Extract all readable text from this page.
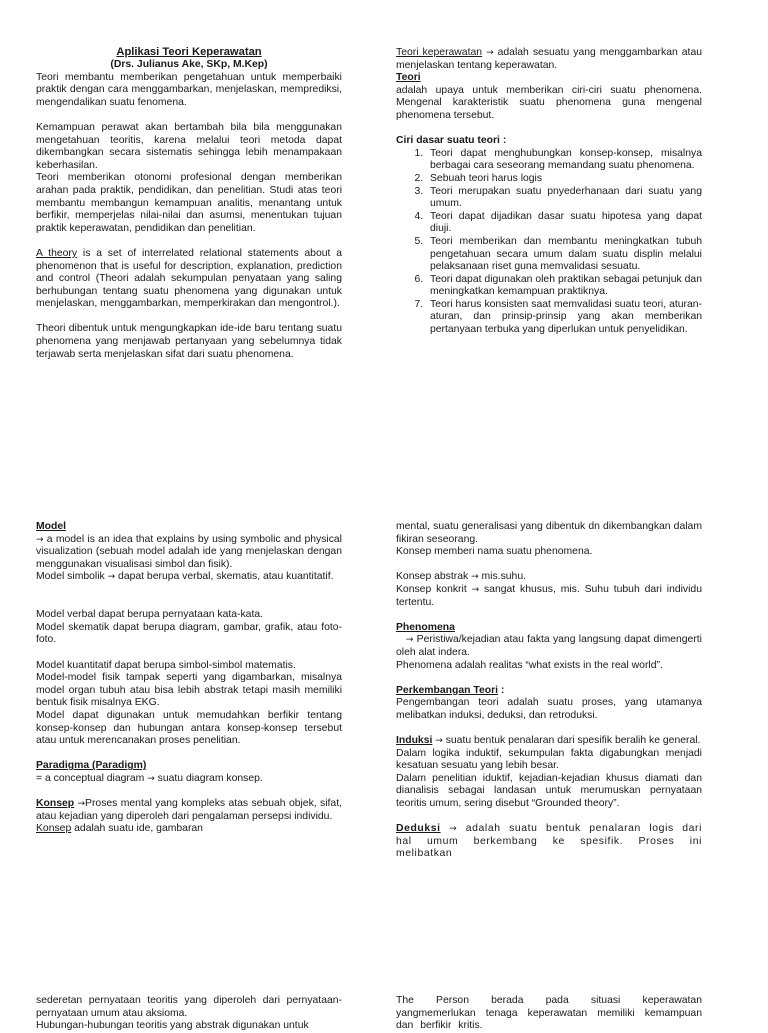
Aplikasi Teori Keperawatan

(Drs. Julianus Ake, SKp, M.Kep)

Teori membantu memberikan pengetahuan untuk memperbaiki praktik dengan cara menggambarkan, menjelaskan, memprediksi, mengendalikan suatu fenomena.

Kemampuan perawat akan bertambah bila bila menggunakan mengetahuan teoritis, karena melalui teori metoda dapat dikembangkan secara sistematis sehingga lebih menampakaan keberhasilan.

Teori memberikan otonomi profesional dengan memberikan arahan pada praktik, pendidikan, dan penelitian. Studi atas teori membantu membangun kemampuan analitis, menantang untuk berfikir, memperjelas nilai-nilai dan asumsi, menentukan tujuan praktik keperawatan, pendidikan dan penelitian.

A theory is a set of interrelated relational statements about a phenomenon that is useful for description, explanation, prediction and control (Theori adalah sekumpulan penyataan yang saling berhubungan tentang suatu phenomena yang digunakan untuk menjelaskan, menggambarkan, memperkirakan dan mengontrol.).

Theori dibentuk untuk mengungkapkan ide-ide baru tentang suatu phenomena yang menjawab pertanyaan yang sebelumnya tidak terjawab serta menjelaskan sifat dari suatu phenomena.

Teori keperawatan → adalah sesuatu yang menggambarkan atau menjelaskan tentang keperawatan.

Teori

adalah upaya untuk memberikan ciri-ciri suatu phenomena. Mengenal karakteristik suatu phenomena guna mengenal phenomena tersebut.

Ciri dasar suatu teori :

1. Teori dapat menghubungkan konsep-konsep, misalnya berbagai cara seseorang memandang suatu phenomena.
2. Sebuah teori harus logis
3. Teori merupakan suatu pnyederhanaan dari suatu yang umum.
4. Teori dapat dijadikan dasar suatu hipotesa yang dapat diuji.
5. Teori memberikan dan membantu meningkatkan tubuh pengetahuan secara umum dalam suatu displin melalui pelaksanaan riset guna memvalidasi sesuatu.
6. Teori dapat digunakan oleh praktikan sebagai petunjuk dan meningkatkan kemampuan praktiknya.
7. Teori harus konsisten saat memvalidasi suatu teori, aturan-aturan, dan prinsip-prinsip yang akan memberikan pertanyaan terbuka yang diperlukan untuk penyelidikan.

Model

→ a model is an idea that explains by using symbolic and physical visualization (sebuah model adalah ide yang menjelaskan dengan menggunakan visualisasi simbol dan fisik).

Model simbolik → dapat berupa verbal, skematis, atau kuantitatif.

Model verbal dapat berupa pernyataan kata-kata.

Model skematik dapat berupa diagram, gambar, grafik, atau foto-foto.

Model kuantitatif dapat berupa simbol-simbol matematis.

Model-model fisik tampak seperti yang digambarkan, misalnya model organ tubuh atau bisa lebih abstrak tetapi masih memiliki bentuk fisik misalnya EKG.

Model dapat digunakan untuk memudahkan berfikir tentang konsep-konsep dan hubungan antara konsep-konsep tersebut atau untuk merencanakan proses penelitian.

Paradigma (Paradigm)

= a conceptual diagram → suatu diagram konsep.

Konsep →Proses mental yang kompleks atas sebuah objek, sifat, atau kejadian yang diperoleh dari pengalaman persepsi individu.

Konsep adalah suatu ide, gambaran

mental, suatu generalisasi yang dibentuk dn dikembangkan dalam fikiran seseorang.

Konsep memberi nama suatu phenomena.

Konsep abstrak → mis.suhu.

Konsep konkrit → sangat khusus, mis. Suhu tubuh dari individu tertentu.

Phenomena

→ Peristiwa/kejadian atau fakta yang langsung dapat dimengerti oleh alat indera.

Phenomena adalah realitas “what exists in the real world”.

Perkembangan Teori :

Pengembangan teori adalah suatu proses, yang utamanya melibatkan induksi, deduksi, dan retroduksi.

Induksi → suatu bentuk penalaran dari spesifik beralih ke general.

Dalam logika induktif, sekumpulan fakta digabungkan menjadi kesatuan sesuatu yang lebih besar.

Dalam penelitian iduktif, kejadian-kejadian khusus diamati dan dianalisis sebagai landasan untuk merumuskan pernyataan teoritis umum, sering disebut “Grounded theory”.

Deduksi → adalah suatu bentuk penalaran logis dari hal umum berkembang ke spesifik. Proses ini melibatkan

sederetan pernyataan teoritis yang diperoleh dari pernyataan-pernyataan umum atau aksioma.

Hubungan-hubungan teoritis yang abstrak digunakan untuk

The Person berada pada situasi keperawatan yangmemerlukan tenaga keperawatan memiliki kemampuan dan berfikir kritis.
